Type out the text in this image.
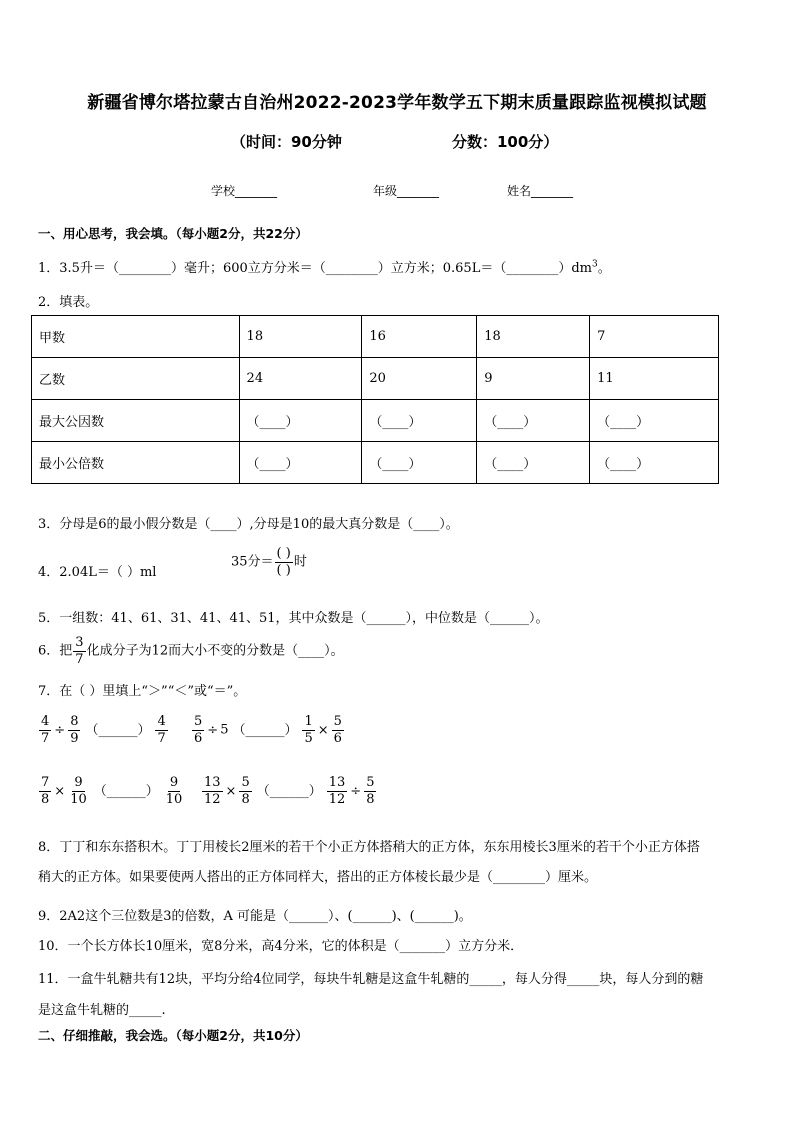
新疆省博尔塔拉蒙古自治州2022-2023学年数学五下期末质量跟踪监视模拟试题
（时间：90分钟	分数：100分）
学校_______	年级_______	姓名_______
一、用心思考，我会填。（每小题2分，共22分）
1．3.5升＝（________）毫升；600立方分米＝（________）立方米；$0.65L=(\_\_\_\_\_\_\_\_)dm^3$。
2．填表。
甲数	18	16	18	7
乙数	24	20	9	11
最大公因数	（____）	（____）	（____）	（____）
最小公倍数	（____）	（____）	（____）	（____）
3．分母是6的最小假分数是（____）,分母是10的最大真分数是（____）。
4．2.04L＝（ ）ml
35分＝ $\frac{( )}{( )}$ 时
5．一组数：41、61、31、41、41、51，其中众数是（______），中位数是（______）。
6．把 $\frac{3}{7}$ 化成分子为12而大小不变的分数是（____）。
7．在（ ）里填上“＞”“＜”或“＝”。
$\frac{4}{7} \div \frac{8}{9}$ （______） $\frac{4}{7} \frac{5}{6} \div 5$ （______） $\frac{1}{5} \times \frac{5}{6}$
$\frac{7}{8} \times \frac{9}{10}$ （______） $\frac{9}{10} \frac{13}{12} \times \frac{5}{8}$ （______） $\frac{13}{12} \div \frac{5}{8}$
8．丁丁和东东搭积木。丁丁用棱长2厘米的若干个小正方体搭稍大的正方体，东东用棱长3厘米的若干个小正方体搭
稍大的正方体。如果要使两人搭出的正方体同样大，搭出的正方体棱长最少是（________）厘米。
9．2A2这个三位数是3的倍数，A 可能是（______）、(______)、(______)。
10．一个长方体长10厘米，宽8分米，高4分米，它的体积是（_______）立方分米．
11．一盒牛轧糖共有12块，平均分给4位同学，每块牛轧糖是这盒牛轧糖的_____，每人分得_____块，每人分到的糖
是这盒牛轧糖的_____.
二、仔细推敲，我会选。（每小题2分，共10分）
